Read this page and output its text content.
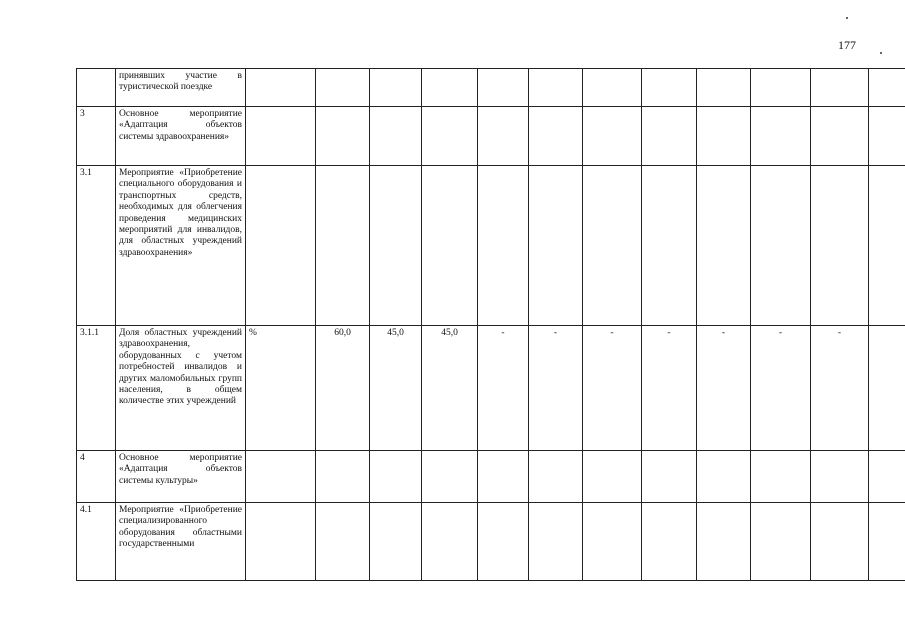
177
	принявших участие в туристической поездке												
3	Основное мероприятие «Адаптация объектов системы здравоохранения»												
3.1	Мероприятие «Приобретение специального оборудования и транспортных средств, необходимых для облегчения проведения медицинских мероприятий для инвалидов, для областных учреждений здравоохранения»												
3.1.1	Доля областных учреждений здравоохранения, оборудованных с учетом потребностей инвалидов и других маломобильных групп населения, в общем количестве этих учреждений	%	60,0	45,0	45,0	-	-	-	-	-	-	-	
4	Основное мероприятие «Адаптация объектов системы культуры»												
4.1	Мероприятие «Приобретение специализированного оборудования областными государственными												
